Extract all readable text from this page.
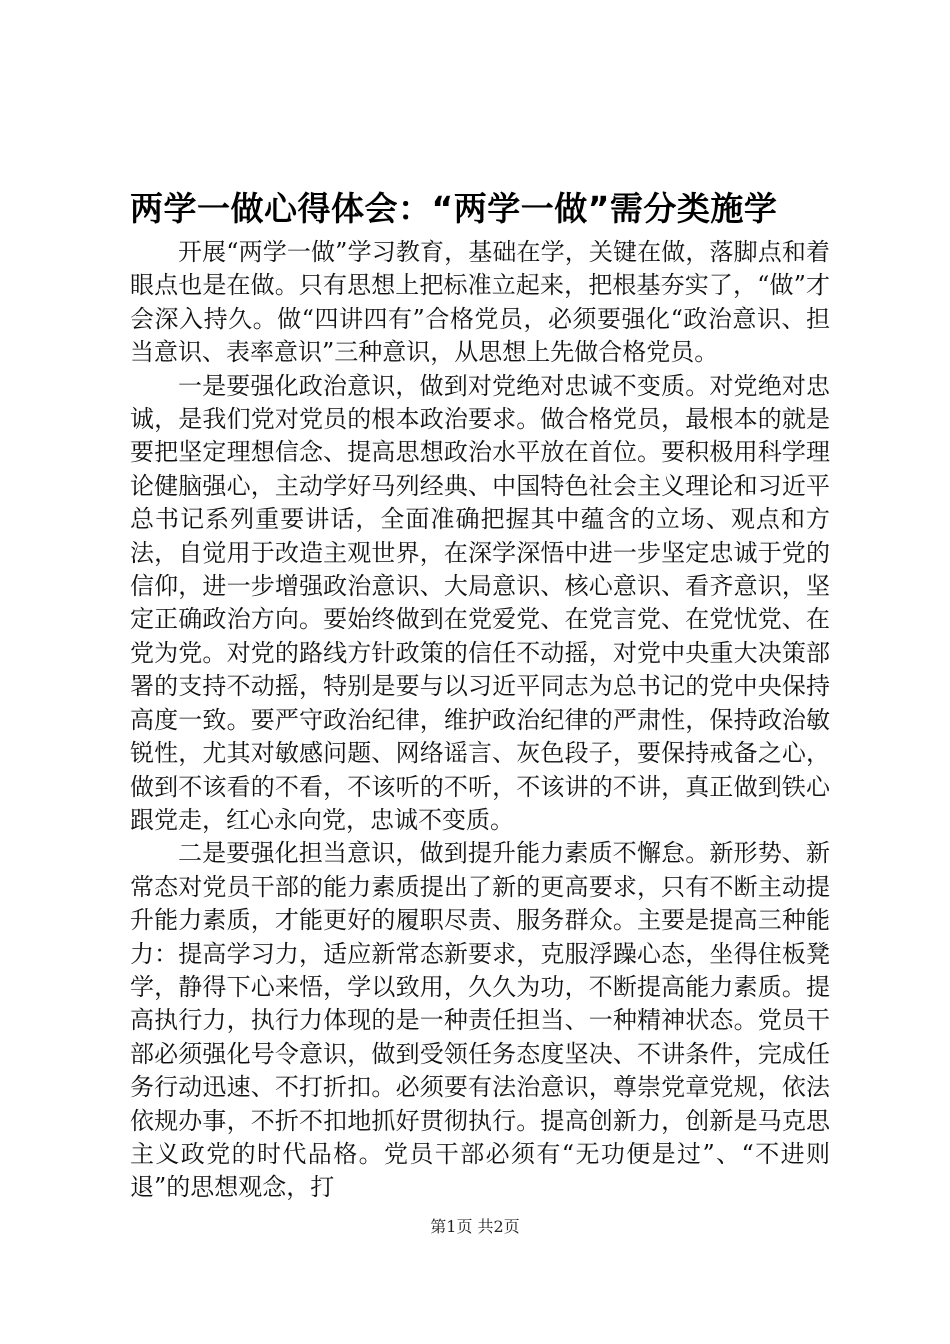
两学一做心得体会：“两学一做”需分类施学

开展“两学一做”学习教育，基础在学，关键在做，落脚点和着眼点也是在做。只有思想上把标准立起来，把根基夯实了，“做”才会深入持久。做“四讲四有”合格党员，必须要强化“政治意识、担当意识、表率意识”三种意识，从思想上先做合格党员。

一是要强化政治意识，做到对党绝对忠诚不变质。对党绝对忠诚，是我们党对党员的根本政治要求。做合格党员，最根本的就是要把坚定理想信念、提高思想政治水平放在首位。要积极用科学理论健脑强心，主动学好马列经典、中国特色社会主义理论和习近平总书记系列重要讲话，全面准确把握其中蕴含的立场、观点和方法，自觉用于改造主观世界，在深学深悟中进一步坚定忠诚于党的信仰，进一步增强政治意识、大局意识、核心意识、看齐意识，坚定正确政治方向。要始终做到在党爱党、在党言党、在党忧党、在党为党。对党的路线方针政策的信任不动摇，对党中央重大决策部署的支持不动摇，特别是要与以习近平同志为总书记的党中央保持高度一致。要严守政治纪律，维护政治纪律的严肃性，保持政治敏锐性，尤其对敏感问题、网络谣言、灰色段子，要保持戒备之心，做到不该看的不看，不该听的不听，不该讲的不讲，真正做到铁心跟党走，红心永向党，忠诚不变质。

二是要强化担当意识，做到提升能力素质不懈怠。新形势、新常态对党员干部的能力素质提出了新的更高要求，只有不断主动提升能力素质，才能更好的履职尽责、服务群众。主要是提高三种能力：提高学习力，适应新常态新要求，克服浮躁心态，坐得住板凳学，静得下心来悟，学以致用，久久为功，不断提高能力素质。提高执行力，执行力体现的是一种责任担当、一种精神状态。党员干部必须强化号令意识，做到受领任务态度坚决、不讲条件，完成任务行动迅速、不打折扣。必须要有法治意识，尊崇党章党规，依法依规办事，不折不扣地抓好贯彻执行。提高创新力，创新是马克思主义政党的时代品格。党员干部必须有“无功便是过”、“不进则退”的思想观念，打

第1页 共2页
